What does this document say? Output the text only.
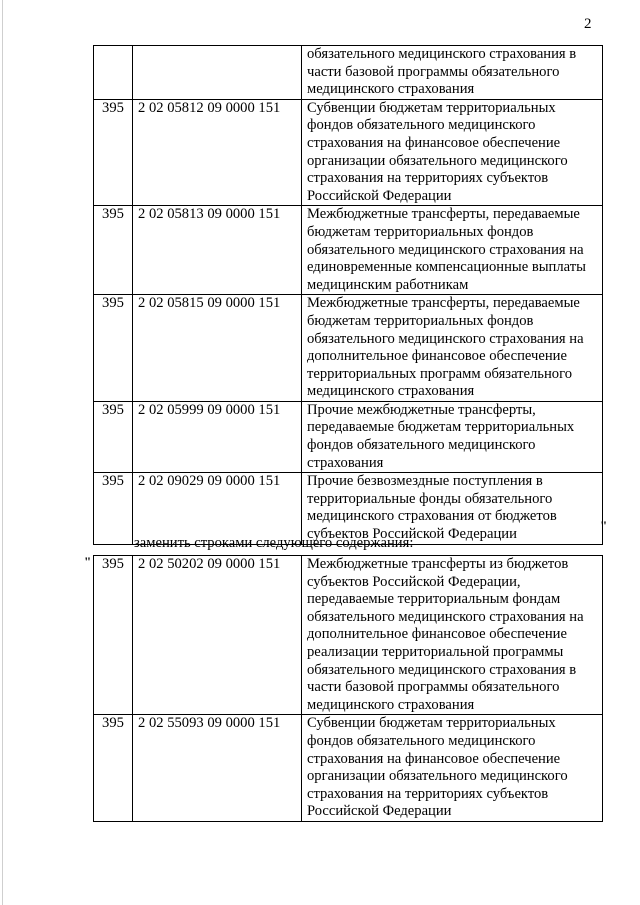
2
		обязательного медицинского страхования в части базовой программы обязательного медицинского страхования
395	2 02 05812 09 0000 151	Субвенции бюджетам территориальных фондов обязательного медицинского страхования на финансовое обеспечение организации обязательного медицинского страхования на территориях субъектов Российской Федерации
395	2 02 05813 09 0000 151	Межбюджетные трансферты, передаваемые бюджетам территориальных фондов обязательного медицинского страхования на единовременные компенсационные выплаты медицинским работникам
395	2 02 05815 09 0000 151	Межбюджетные трансферты, передаваемые бюджетам территориальных фондов обязательного медицинского страхования на дополнительное финансовое обеспечение территориальных программ обязательного медицинского страхования
395	2 02 05999 09 0000 151	Прочие межбюджетные трансферты, передаваемые бюджетам территориальных фондов обязательного медицинского страхования
395	2 02 09029 09 0000 151	Прочие безвозмездные поступления в территориальные фонды обязательного медицинского страхования от бюджетов субъектов Российской Федерации
"
заменить строками следующего содержания:
" 395	2 02 50202 09 0000 151	Межбюджетные трансферты из бюджетов субъектов Российской Федерации, передаваемые территориальным фондам обязательного медицинского страхования на дополнительное финансовое обеспечение реализации территориальной программы обязательного медицинского страхования в части базовой программы обязательного медицинского страхования
395	2 02 55093 09 0000 151	Субвенции бюджетам территориальных фондов обязательного медицинского страхования на финансовое обеспечение организации обязательного медицинского страхования на территориях субъектов Российской Федерации
